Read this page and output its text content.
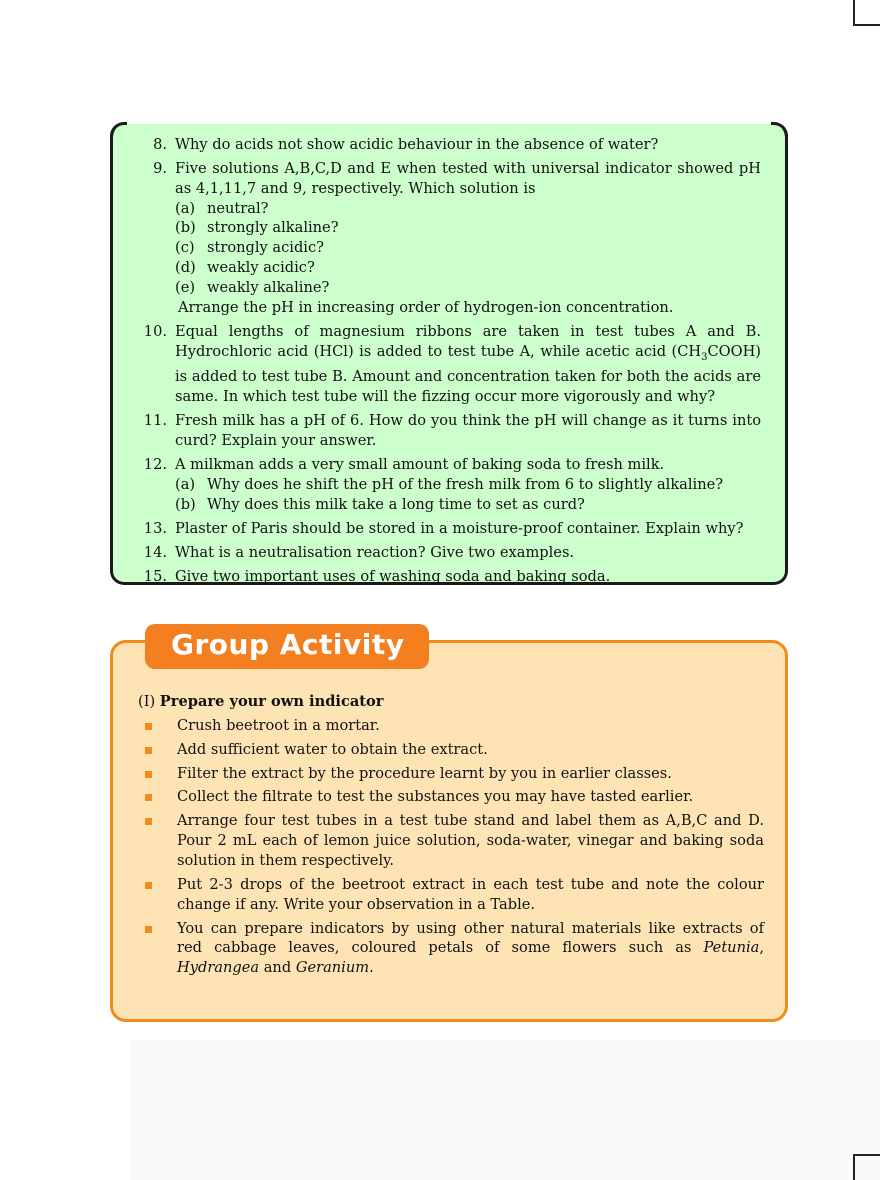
8. Why do acids not show acidic behaviour in the absence of water?
9. Five solutions A,B,C,D and E when tested with universal indicator showed pH as 4,1,11,7 and 9, respectively. Which solution is
(a) neutral?
(b) strongly alkaline?
(c) strongly acidic?
(d) weakly acidic?
(e) weakly alkaline?
Arrange the pH in increasing order of hydrogen-ion concentration.
10. Equal lengths of magnesium ribbons are taken in test tubes A and B. Hydrochloric acid (HCl) is added to test tube A, while acetic acid $(CH_3COOH)$ is added to test tube B. Amount and concentration taken for both the acids are same. In which test tube will the fizzing occur more vigorously and why?
11. Fresh milk has a pH of 6. How do you think the pH will change as it turns into curd? Explain your answer.
12. A milkman adds a very small amount of baking soda to fresh milk.
(a) Why does he shift the pH of the fresh milk from 6 to slightly alkaline?
(b) Why does this milk take a long time to set as curd?
13. Plaster of Paris should be stored in a moisture-proof container. Explain why?
14. What is a neutralisation reaction? Give two examples.
15. Give two important uses of washing soda and baking soda.
Group Activity
(I) Prepare your own indicator
Crush beetroot in a mortar.
Add sufficient water to obtain the extract.
Filter the extract by the procedure learnt by you in earlier classes.
Collect the filtrate to test the substances you may have tasted earlier.
Arrange four test tubes in a test tube stand and label them as A,B,C and D. Pour 2 mL each of lemon juice solution, soda-water, vinegar and baking soda solution in them respectively.
Put 2-3 drops of the beetroot extract in each test tube and note the colour change if any. Write your observation in a Table.
You can prepare indicators by using other natural materials like extracts of red cabbage leaves, coloured petals of some flowers such as Petunia, Hydrangea and Geranium.
